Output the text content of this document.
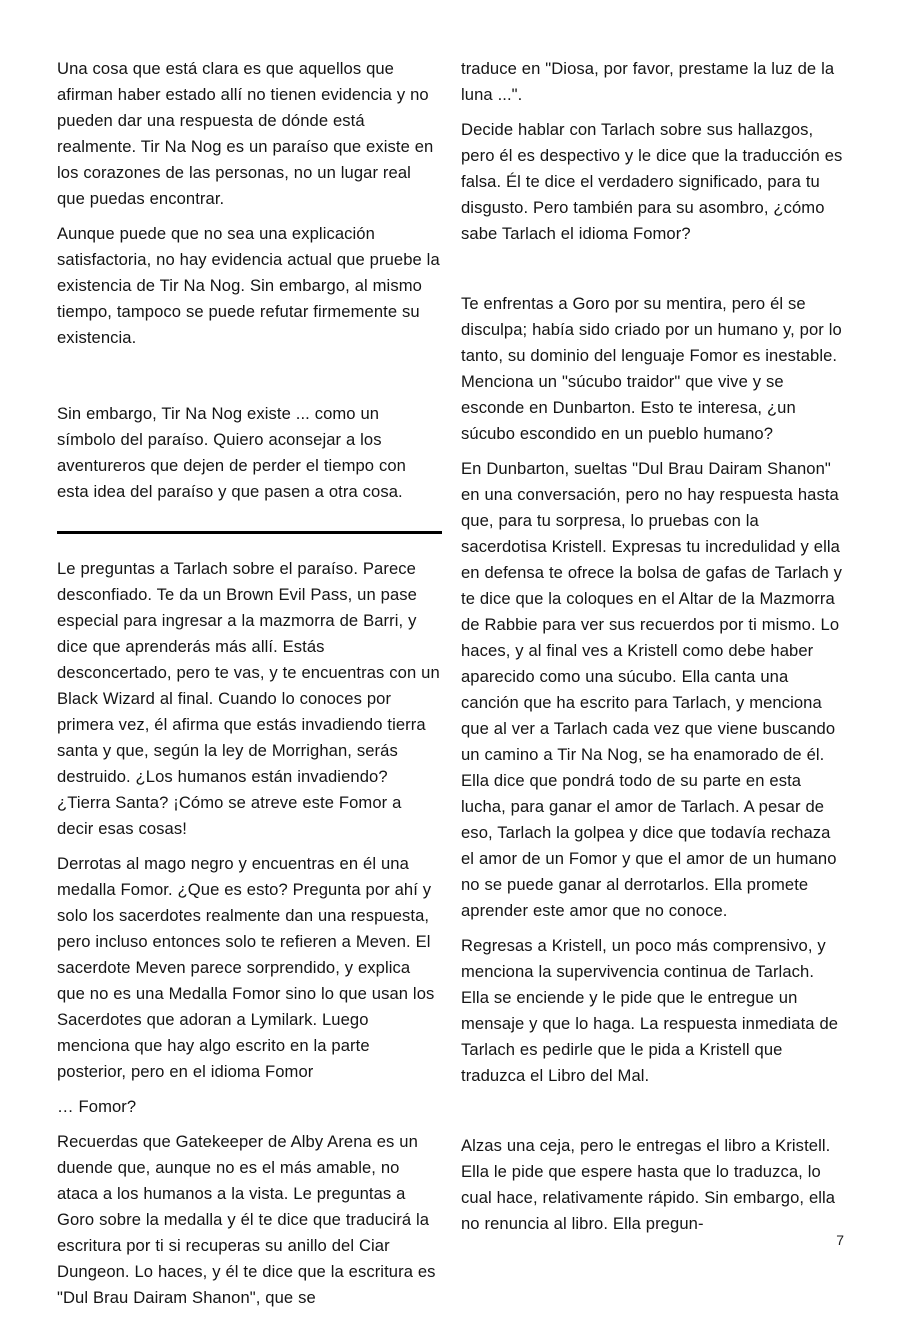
Una cosa que está clara es que aquellos que afirman haber estado allí no tienen evidencia y no pueden dar una respuesta de dónde está realmente. Tir Na Nog es un paraíso que existe en los corazones de las personas, no un lugar real que puedas encontrar.

Aunque puede que no sea una explicación satisfactoria, no hay evidencia actual que pruebe la existencia de Tir Na Nog. Sin embargo, al mismo tiempo, tampoco se puede refutar firmemente su existencia.

Sin embargo, Tir Na Nog existe ... como un símbolo del paraíso. Quiero aconsejar a los aventureros que dejen de perder el tiempo con esta idea del paraíso y que pasen a otra cosa.

Le preguntas a Tarlach sobre el paraíso. Parece desconfiado. Te da un Brown Evil Pass, un pase especial para ingresar a la mazmorra de Barri, y dice que aprenderás más allí. Estás desconcertado, pero te vas, y te encuentras con un Black Wizard al final. Cuando lo conoces por primera vez, él afirma que estás invadiendo tierra santa y que, según la ley de Morrighan, serás destruido. ¿Los humanos están invadiendo? ¿Tierra Santa? ¡Cómo se atreve este Fomor a decir esas cosas!

Derrotas al mago negro y encuentras en él una medalla Fomor. ¿Que es esto? Pregunta por ahí y solo los sacerdotes realmente dan una respuesta, pero incluso entonces solo te refieren a Meven. El sacerdote Meven parece sorprendido, y explica que no es una Medalla Fomor sino lo que usan los Sacerdotes que adoran a Lymilark. Luego menciona que hay algo escrito en la parte posterior, pero en el idioma Fomor

… Fomor?

Recuerdas que Gatekeeper de Alby Arena es un duende que, aunque no es el más amable, no ataca a los humanos a la vista. Le preguntas a Goro sobre la medalla y él te dice que traducirá la escritura por ti si recuperas su anillo del Ciar Dungeon. Lo haces, y él te dice que la escritura es "Dul Brau Dairam Shanon", que se

traduce en "Diosa, por favor, prestame la luz de la luna ...".

Decide hablar con Tarlach sobre sus hallazgos, pero él es despectivo y le dice que la traducción es falsa. Él te dice el verdadero significado, para tu disgusto. Pero también para su asombro, ¿cómo sabe Tarlach el idioma Fomor?

Te enfrentas a Goro por su mentira, pero él se disculpa; había sido criado por un humano y, por lo tanto, su dominio del lenguaje Fomor es inestable. Menciona un "súcubo traidor" que vive y se esconde en Dunbarton. Esto te interesa, ¿un súcubo escondido en un pueblo humano?

En Dunbarton, sueltas "Dul Brau Dairam Shanon" en una conversación, pero no hay respuesta hasta que, para tu sorpresa, lo pruebas con la sacerdotisa Kristell. Expresas tu incredulidad y ella en defensa te ofrece la bolsa de gafas de Tarlach y te dice que la coloques en el Altar de la Mazmorra de Rabbie para ver sus recuerdos por ti mismo. Lo haces, y al final ves a Kristell como debe haber aparecido como una súcubo. Ella canta una canción que ha escrito para Tarlach, y menciona que al ver a Tarlach cada vez que viene buscando un camino a Tir Na Nog, se ha enamorado de él. Ella dice que pondrá todo de su parte en esta lucha, para ganar el amor de Tarlach. A pesar de eso, Tarlach la golpea y dice que todavía rechaza el amor de un Fomor y que el amor de un humano no se puede ganar al derrotarlos. Ella promete aprender este amor que no conoce.

Regresas a Kristell, un poco más comprensivo, y menciona la supervivencia continua de Tarlach. Ella se enciende y le pide que le entregue un mensaje y que lo haga. La respuesta inmediata de Tarlach es pedirle que le pida a Kristell que traduzca el Libro del Mal.

Alzas una ceja, pero le entregas el libro a Kristell. Ella le pide que espere hasta que lo traduzca, lo cual hace, relativamente rápido. Sin embargo, ella no renuncia al libro. Ella pregun-

7
